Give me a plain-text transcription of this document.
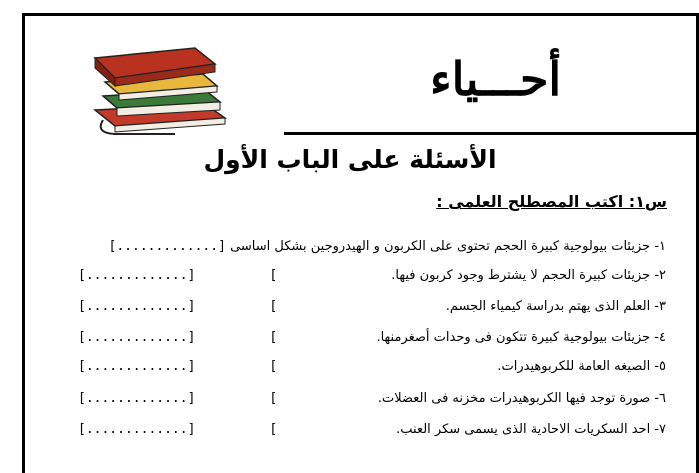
أحـــياء
الأسئلة على الباب الأول
س١: اكتب المصطلح العلمى :
١- جزيئات بيولوجية كبيرة الحجم تحتوى على الكربون و الهيدروجين بشكل اساسى [.............]
٢- جزيئات كبيرة الحجم لا يشترط وجود كربون فيها.
[.............]	[
٣- العلم الذى يهتم بدراسة كيمياء الجسم.
[.............]	[
٤- جزيئات بيولوجية كبيرة تتكون فى وحدات أصغرمنها.
[.............]	[
٥- الصيغه العامة للكربوهيدرات.
[.............]	[
٦- صورة توجد فيها الكربوهيدرات مخزنه فى العضلات.
[.............]	[
٧- احد السكريات الاحادية الذى يسمى سكر العنب.
[.............]	[
